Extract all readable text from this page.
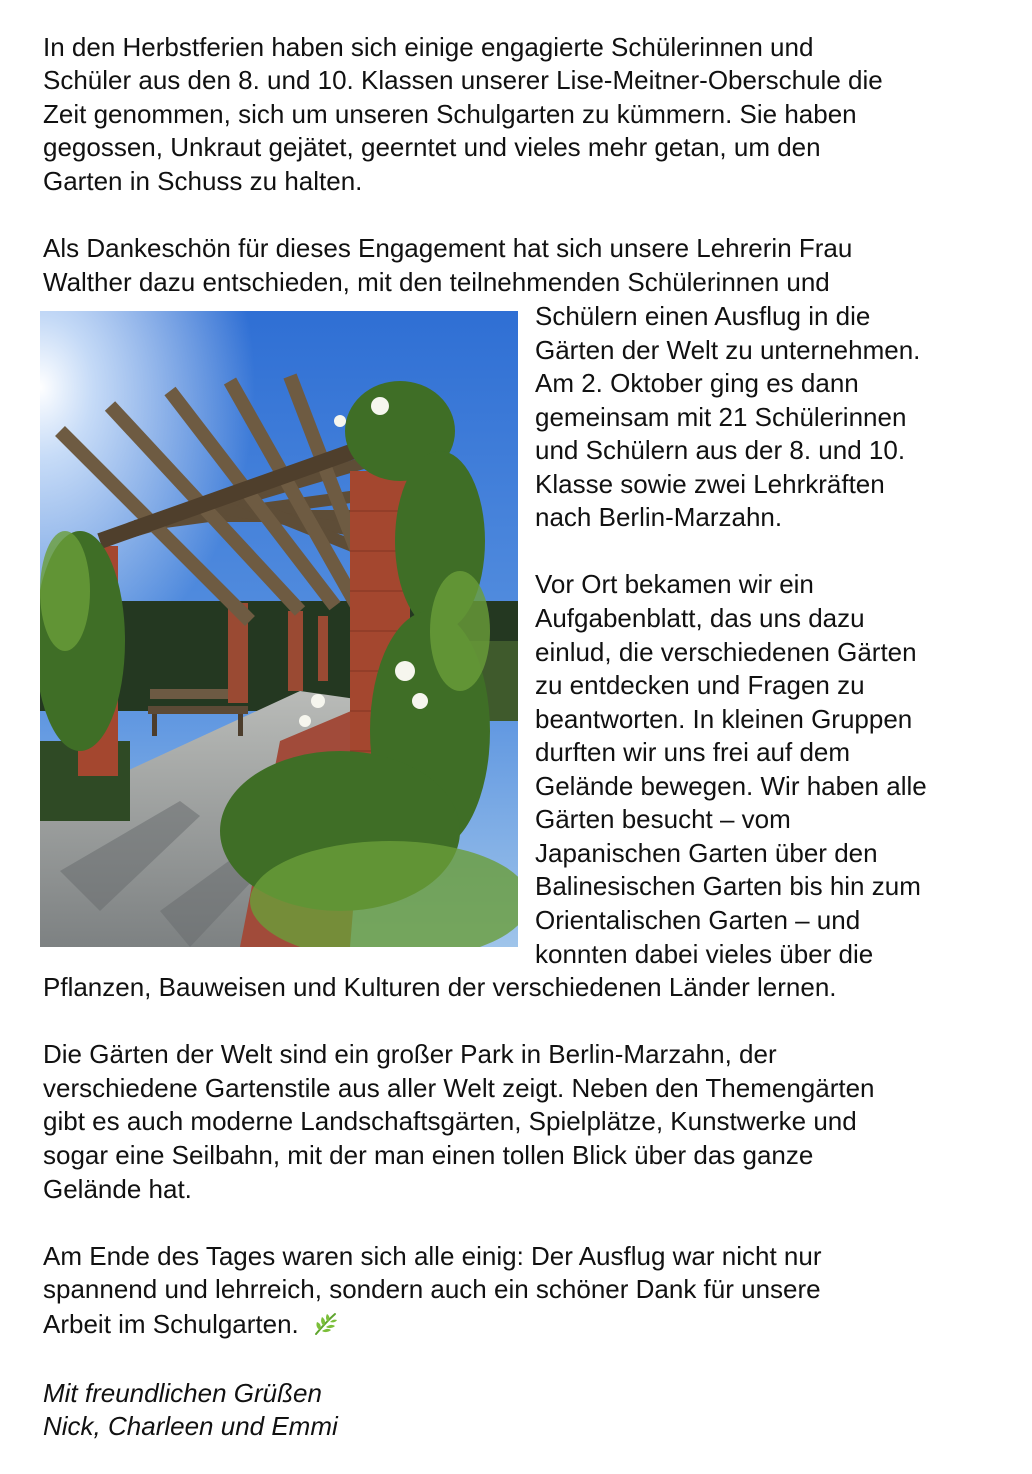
In den Herbstferien haben sich einige engagierte Schülerinnen und

Schüler aus den 8. und 10. Klassen unserer Lise-Meitner-Oberschule die

Zeit genommen, sich um unseren Schulgarten zu kümmern. Sie haben

gegossen, Unkraut gejätet, geerntet und vieles mehr getan, um den

Garten in Schuss zu halten.

Als Dankeschön für dieses Engagement hat sich unsere Lehrerin Frau

Walther dazu entschieden, mit den teilnehmenden Schülerinnen und

Schülern einen Ausflug in die

Gärten der Welt zu unternehmen.

Am 2. Oktober ging es dann

gemeinsam mit 21 Schülerinnen

und Schülern aus der 8. und 10.

Klasse sowie zwei Lehrkräften

nach Berlin-Marzahn.

Vor Ort bekamen wir ein

Aufgabenblatt, das uns dazu

einlud, die verschiedenen Gärten

zu entdecken und Fragen zu

beantworten. In kleinen Gruppen

durften wir uns frei auf dem

Gelände bewegen. Wir haben alle

Gärten besucht – vom

Japanischen Garten über den

Balinesischen Garten bis hin zum

Orientalischen Garten – und

konnten dabei vieles über die

Pflanzen, Bauweisen und Kulturen der verschiedenen Länder lernen.

Die Gärten der Welt sind ein großer Park in Berlin-Marzahn, der

verschiedene Gartenstile aus aller Welt zeigt. Neben den Themengärten

gibt es auch moderne Landschaftsgärten, Spielplätze, Kunstwerke und

sogar eine Seilbahn, mit der man einen tollen Blick über das ganze

Gelände hat.

Am Ende des Tages waren sich alle einig: Der Ausflug war nicht nur

spannend und lehrreich, sondern auch ein schöner Dank für unsere

Arbeit im Schulgarten.

Mit freundlichen Grüßen

Nick, Charleen und Emmi
